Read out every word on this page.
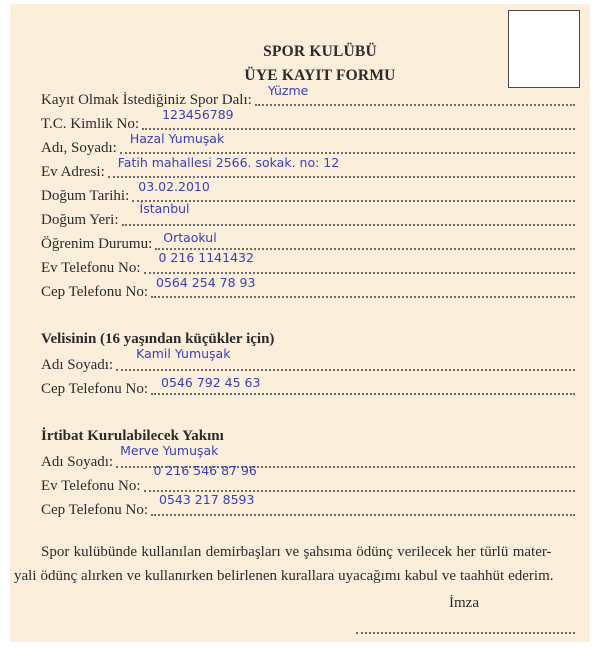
SPOR KULÜBÜ
ÜYE KAYIT FORMU
Kayıt Olmak İstediğiniz Spor Dalı:
Yüzme
T.C. Kimlik No:
123456789
Adı, Soyadı:
Hazal Yumuşak
Ev Adresi:
Fatih mahallesi 2566. sokak. no: 12
Doğum Tarihi:
03.02.2010
Doğum Yeri:
İstanbul
Öğrenim Durumu: Ortaokul
Ev Telefonu No:
0 216 1141432
Cep Telefonu No:
0564 254 78 93
Velisinin (16 yaşından küçükler için)
Adı Soyadı:
Kamil Yumuşak
Cep Telefonu No: 0546 792 45 63
İrtibat Kurulabilecek Yakını
Adı Soyadı:
Merve Yumuşak
Ev Telefonu No:
0 216 546 87 96
Cep Telefonu No:
0543 217 8593
Spor kulübünde kullanılan demirbaşları ve şahsıma ödünç verilecek her türlü mater-
yali ödünç alırken ve kullanırken belirlenen kurallara uyacağımı kabul ve taahhüt ederim.
İmza
